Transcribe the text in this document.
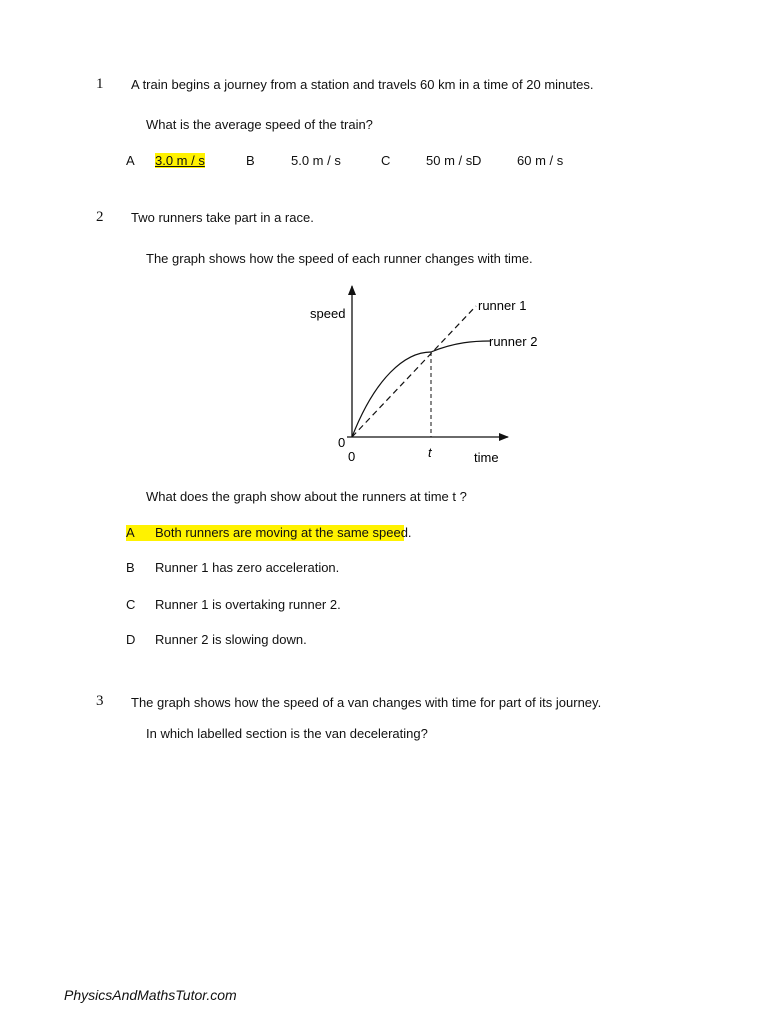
1 A train begins a journey from a station and travels 60 km in a time of 20 minutes.
What is the average speed of the train?
A 3.0 m / s	B	5.0 m / s	C	50 m / s D	60 m / s
2 Two runners take part in a race.
The graph shows how the speed of each runner changes with time.
speed
0
0	t	time
runner 1
runner 2
What does the graph show about the runners at time t ?
A Both runners are moving at the same speed.
B Runner 1 has zero acceleration.
C Runner 1 is overtaking runner 2.
D Runner 2 is slowing down.
3 The graph shows how the speed of a van changes with time for part of its journey.
In which labelled section is the van decelerating?
PhysicsAndMathsTutor.com
